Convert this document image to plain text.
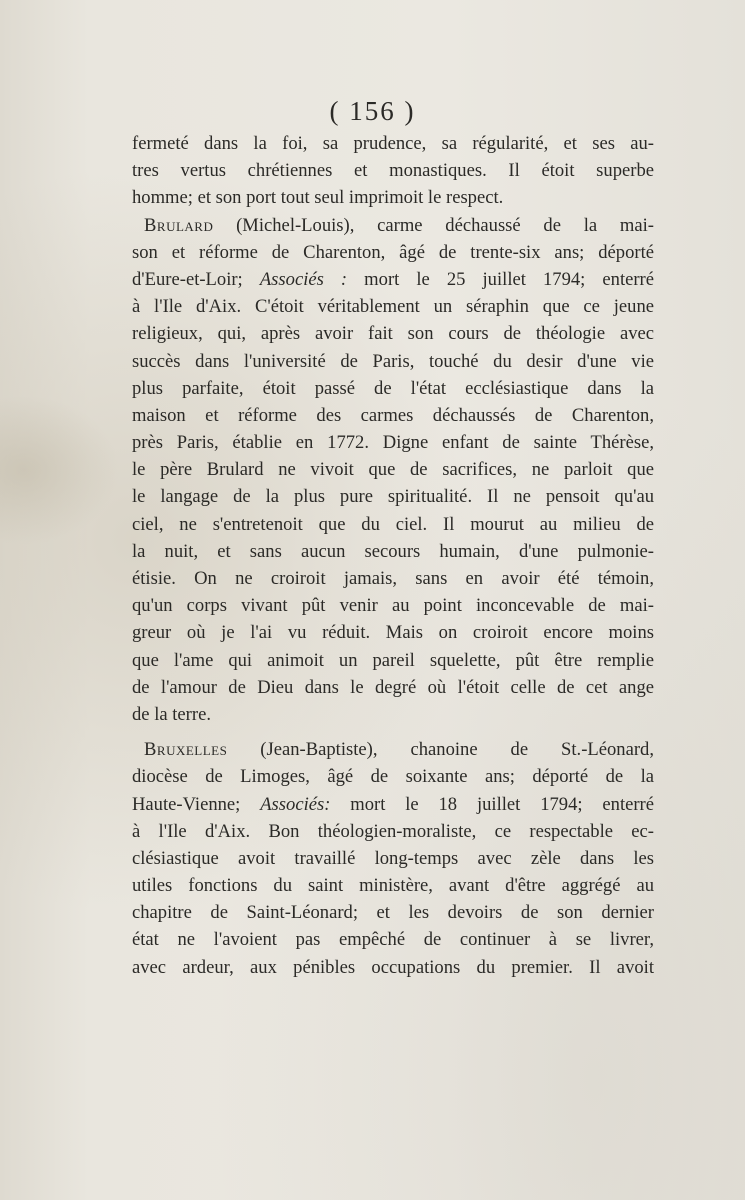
( 156 )
fermeté dans la foi, sa prudence, sa régularité, et ses au-
tres vertus chrétiennes et monastiques. Il étoit superbe
homme; et son port tout seul imprimoit le respect.
Brulard (Michel-Louis), carme déchaussé de la mai-
son et réforme de Charenton, âgé de trente-six ans; déporté
d'Eure-et-Loir; Associés : mort le 25 juillet 1794; enterré
à l'Ile d'Aix. C'étoit véritablement un séraphin que ce jeune
religieux, qui, après avoir fait son cours de théologie avec
succès dans l'université de Paris, touché du desir d'une vie
plus parfaite, étoit passé de l'état ecclésiastique dans la
maison et réforme des carmes déchaussés de Charenton,
près Paris, établie en 1772. Digne enfant de sainte Thérèse,
le père Brulard ne vivoit que de sacrifices, ne parloit que
le langage de la plus pure spiritualité. Il ne pensoit qu'au
ciel, ne s'entretenoit que du ciel. Il mourut au milieu de
la nuit, et sans aucun secours humain, d'une pulmonie-
étisie. On ne croiroit jamais, sans en avoir été témoin,
qu'un corps vivant pût venir au point inconcevable de mai-
greur où je l'ai vu réduit. Mais on croiroit encore moins
que l'ame qui animoit un pareil squelette, pût être remplie
de l'amour de Dieu dans le degré où l'étoit celle de cet ange
de la terre.
Bruxelles (Jean-Baptiste), chanoine de St.-Léonard,
diocèse de Limoges, âgé de soixante ans; déporté de la
Haute-Vienne; Associés: mort le 18 juillet 1794; enterré
à l'Ile d'Aix. Bon théologien-moraliste, ce respectable ec-
clésiastique avoit travaillé long-temps avec zèle dans les
utiles fonctions du saint ministère, avant d'être aggrégé au
chapitre de Saint-Léonard; et les devoirs de son dernier
état ne l'avoient pas empêché de continuer à se livrer,
avec ardeur, aux pénibles occupations du premier. Il avoit
